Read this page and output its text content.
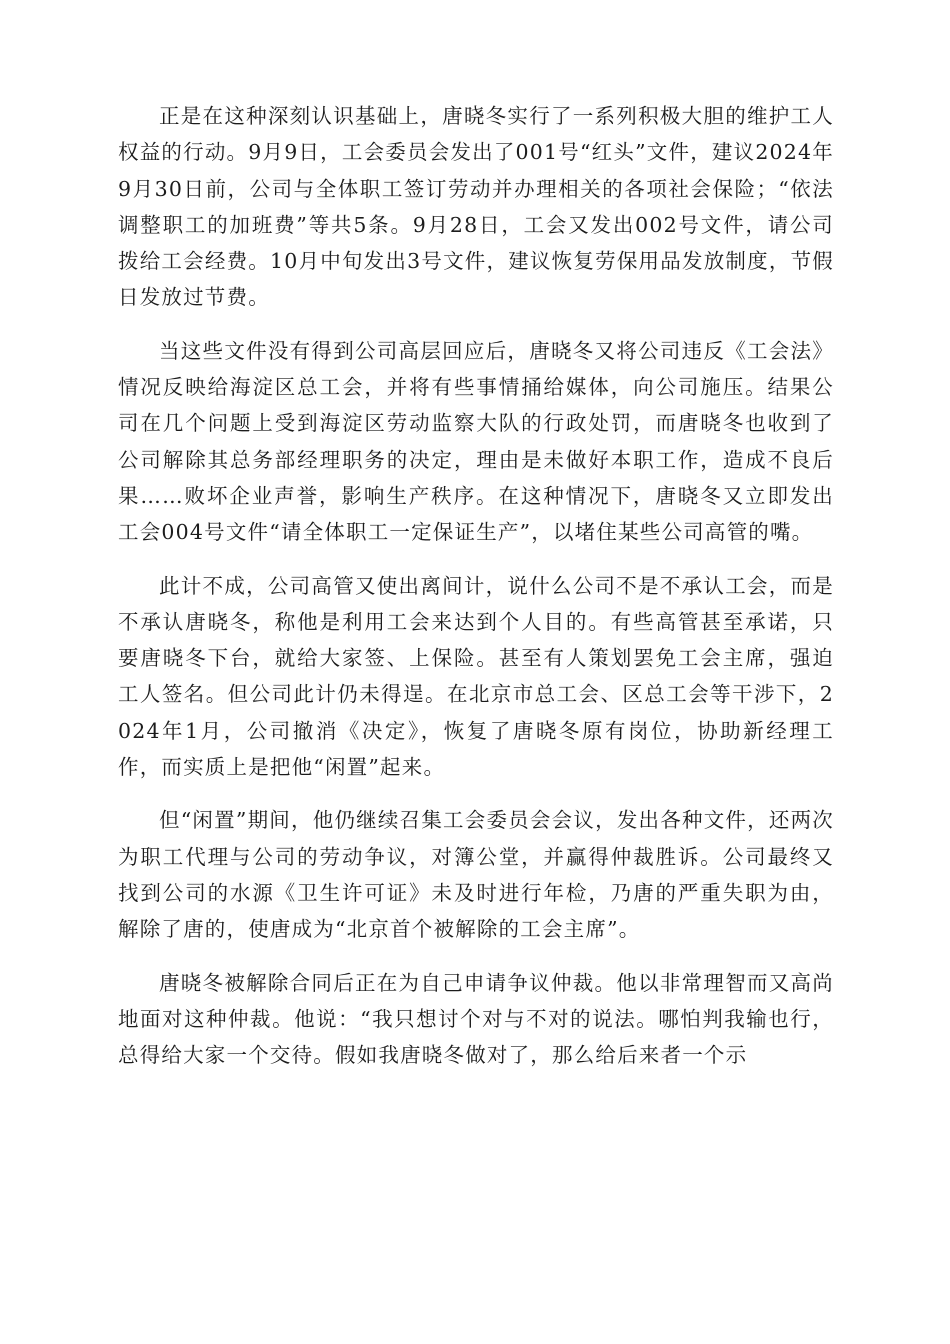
正是在这种深刻认识基础上，唐晓冬实行了一系列积极大胆的维护工人权益的行动。9月9日，工会委员会发出了001号“红头”文件，建议2024年9月30日前，公司与全体职工签订劳动并办理相关的各项社会保险；“依法调整职工的加班费”等共5条。9月28日，工会又发出002号文件，请公司拨给工会经费。10月中旬发出3号文件，建议恢复劳保用品发放制度，节假日发放过节费。

当这些文件没有得到公司高层回应后，唐晓冬又将公司违反《工会法》情况反映给海淀区总工会，并将有些事情捅给媒体，向公司施压。结果公司在几个问题上受到海淀区劳动监察大队的行政处罚，而唐晓冬也收到了公司解除其总务部经理职务的决定，理由是未做好本职工作，造成不良后果……败坏企业声誉，影响生产秩序。在这种情况下，唐晓冬又立即发出工会004号文件“请全体职工一定保证生产”，以堵住某些公司高管的嘴。

此计不成，公司高管又使出离间计，说什么公司不是不承认工会，而是不承认唐晓冬，称他是利用工会来达到个人目的。有些高管甚至承诺，只要唐晓冬下台，就给大家签、上保险。甚至有人策划罢免工会主席，强迫工人签名。但公司此计仍未得逞。在北京市总工会、区总工会等干涉下，2024年1月，公司撤消《决定》，恢复了唐晓冬原有岗位，协助新经理工作，而实质上是把他“闲置”起来。

但“闲置”期间，他仍继续召集工会委员会会议，发出各种文件，还两次为职工代理与公司的劳动争议，对簿公堂，并赢得仲裁胜诉。公司最终又找到公司的水源《卫生许可证》未及时进行年检，乃唐的严重失职为由，解除了唐的，使唐成为“北京首个被解除的工会主席”。

唐晓冬被解除合同后正在为自己申请争议仲裁。他以非常理智而又高尚地面对这种仲裁。他说：“我只想讨个对与不对的说法。哪怕判我输也行，总得给大家一个交待。假如我唐晓冬做对了，那么给后来者一个示
